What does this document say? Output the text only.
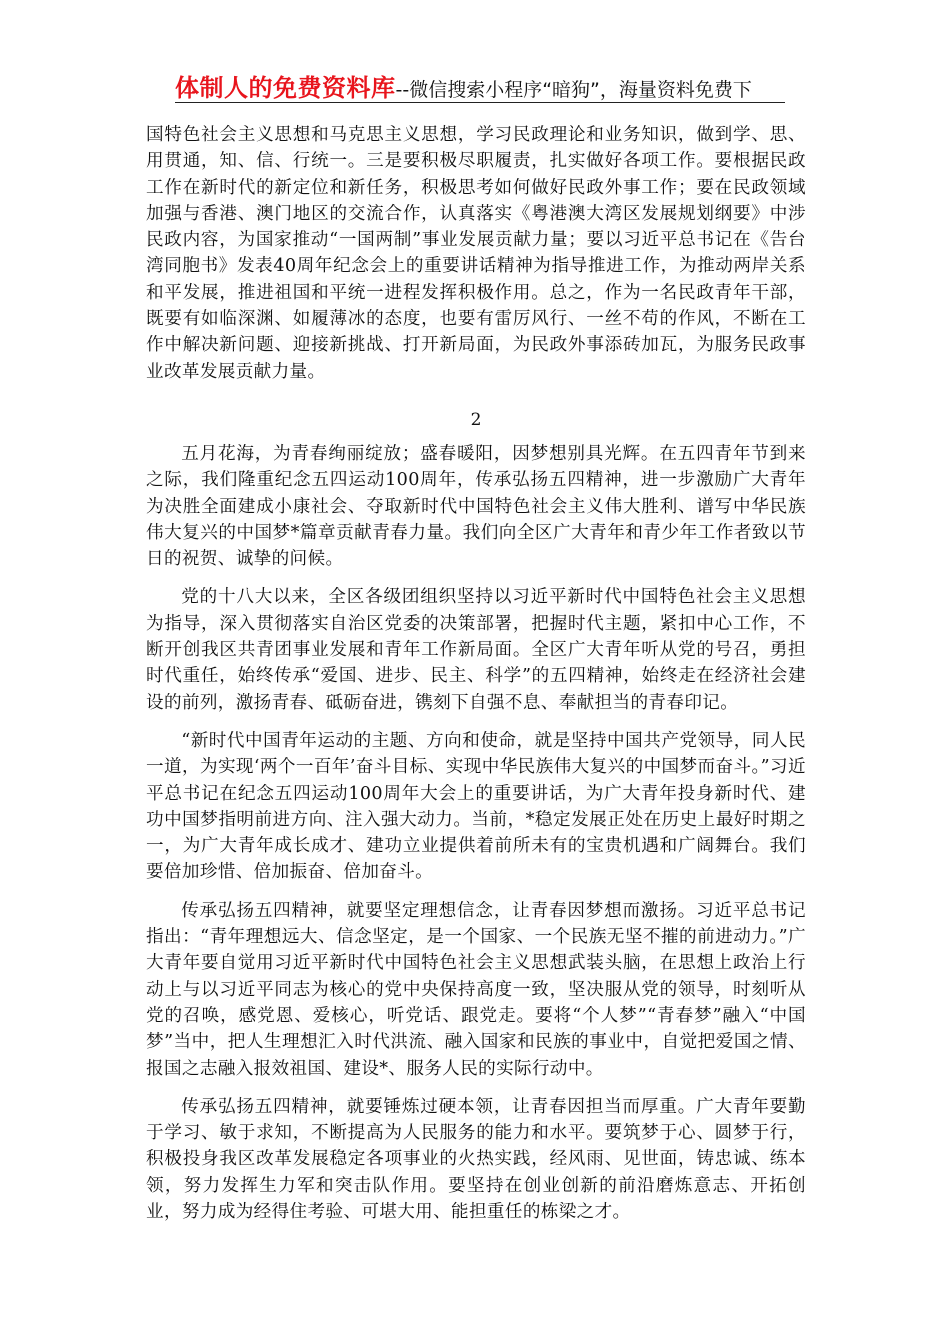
体制人的免费资料库--微信搜索小程序“暗狗”，海量资料免费下

国特色社会主义思想和马克思主义思想，学习民政理论和业务知识，做到学、思、用贯通，知、信、行统一。三是要积极尽职履责，扎实做好各项工作。要根据民政工作在新时代的新定位和新任务，积极思考如何做好民政外事工作；要在民政领域加强与香港、澳门地区的交流合作，认真落实《粤港澳大湾区发展规划纲要》中涉民政内容，为国家推动“一国两制”事业发展贡献力量；要以习近平总书记在《告台湾同胞书》发表40周年纪念会上的重要讲话精神为指导推进工作，为推动两岸关系和平发展，推进祖国和平统一进程发挥积极作用。总之，作为一名民政青年干部，既要有如临深渊、如履薄冰的态度，也要有雷厉风行、一丝不苟的作风，不断在工作中解决新问题、迎接新挑战、打开新局面，为民政外事添砖加瓦，为服务民政事业改革发展贡献力量。

2

五月花海，为青春绚丽绽放；盛春暖阳，因梦想别具光辉。在五四青年节到来之际，我们隆重纪念五四运动100周年，传承弘扬五四精神，进一步激励广大青年为决胜全面建成小康社会、夺取新时代中国特色社会主义伟大胜利、谱写中华民族伟大复兴的中国梦*篇章贡献青春力量。我们向全区广大青年和青少年工作者致以节日的祝贺、诚挚的问候。

党的十八大以来，全区各级团组织坚持以习近平新时代中国特色社会主义思想为指导，深入贯彻落实自治区党委的决策部署，把握时代主题，紧扣中心工作，不断开创我区共青团事业发展和青年工作新局面。全区广大青年听从党的号召，勇担时代重任，始终传承“爱国、进步、民主、科学”的五四精神，始终走在经济社会建设的前列，激扬青春、砥砺奋进，镌刻下自强不息、奉献担当的青春印记。

“新时代中国青年运动的主题、方向和使命，就是坚持中国共产党领导，同人民一道，为实现‘两个一百年’奋斗目标、实现中华民族伟大复兴的中国梦而奋斗。”习近平总书记在纪念五四运动100周年大会上的重要讲话，为广大青年投身新时代、建功中国梦指明前进方向、注入强大动力。当前，*稳定发展正处在历史上最好时期之一，为广大青年成长成才、建功立业提供着前所未有的宝贵机遇和广阔舞台。我们要倍加珍惜、倍加振奋、倍加奋斗。

传承弘扬五四精神，就要坚定理想信念，让青春因梦想而激扬。习近平总书记指出：“青年理想远大、信念坚定，是一个国家、一个民族无坚不摧的前进动力。”广大青年要自觉用习近平新时代中国特色社会主义思想武装头脑，在思想上政治上行动上与以习近平同志为核心的党中央保持高度一致，坚决服从党的领导，时刻听从党的召唤，感党恩、爱核心，听党话、跟党走。要将“个人梦”“青春梦”融入“中国梦”当中，把人生理想汇入时代洪流、融入国家和民族的事业中，自觉把爱国之情、报国之志融入报效祖国、建设*、服务人民的实际行动中。

传承弘扬五四精神，就要锤炼过硬本领，让青春因担当而厚重。广大青年要勤于学习、敏于求知，不断提高为人民服务的能力和水平。要筑梦于心、圆梦于行，积极投身我区改革发展稳定各项事业的火热实践，经风雨、见世面，铸忠诚、练本领，努力发挥生力军和突击队作用。要坚持在创业创新的前沿磨炼意志、开拓创业，努力成为经得住考验、可堪大用、能担重任的栋梁之才。
